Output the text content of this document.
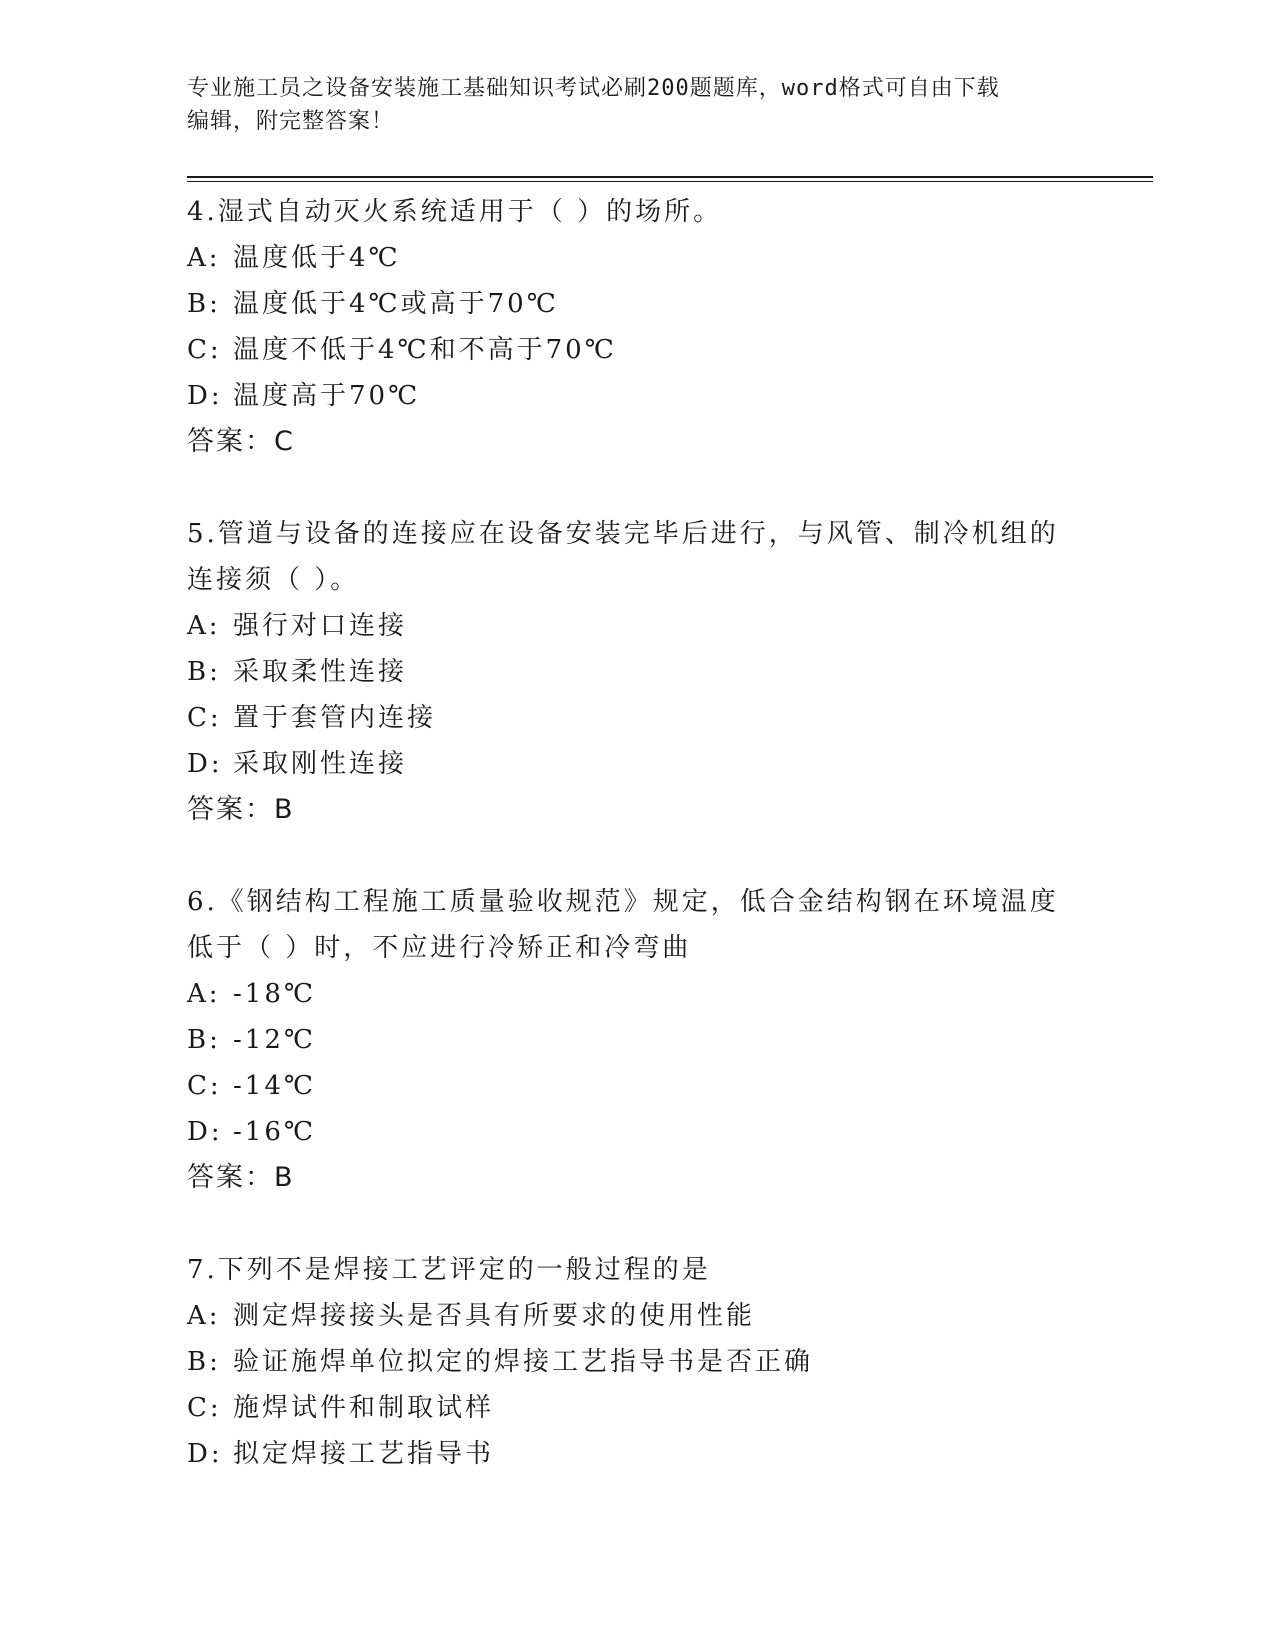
专业施工员之设备安装施工基础知识考试必刷200题题库，word格式可自由下载
编辑，附完整答案！
4.湿式自动灭火系统适用于（ ）的场所。
A: 温度低于4℃
B: 温度低于4℃或高于70℃
C: 温度不低于4℃和不高于70℃
D: 温度高于70℃
答案：C
5.管道与设备的连接应在设备安装完毕后进行，与风管、制冷机组的
连接须（ ）。
A: 强行对口连接
B: 采取柔性连接
C: 置于套管内连接
D: 采取刚性连接
答案：B
6.《钢结构工程施工质量验收规范》规定，低合金结构钢在环境温度
低于（ ）时，不应进行冷矫正和冷弯曲
A: -18℃
B: -12℃
C: -14℃
D: -16℃
答案：B
7.下列不是焊接工艺评定的一般过程的是
A: 测定焊接接头是否具有所要求的使用性能
B: 验证施焊单位拟定的焊接工艺指导书是否正确
C: 施焊试件和制取试样
D: 拟定焊接工艺指导书
